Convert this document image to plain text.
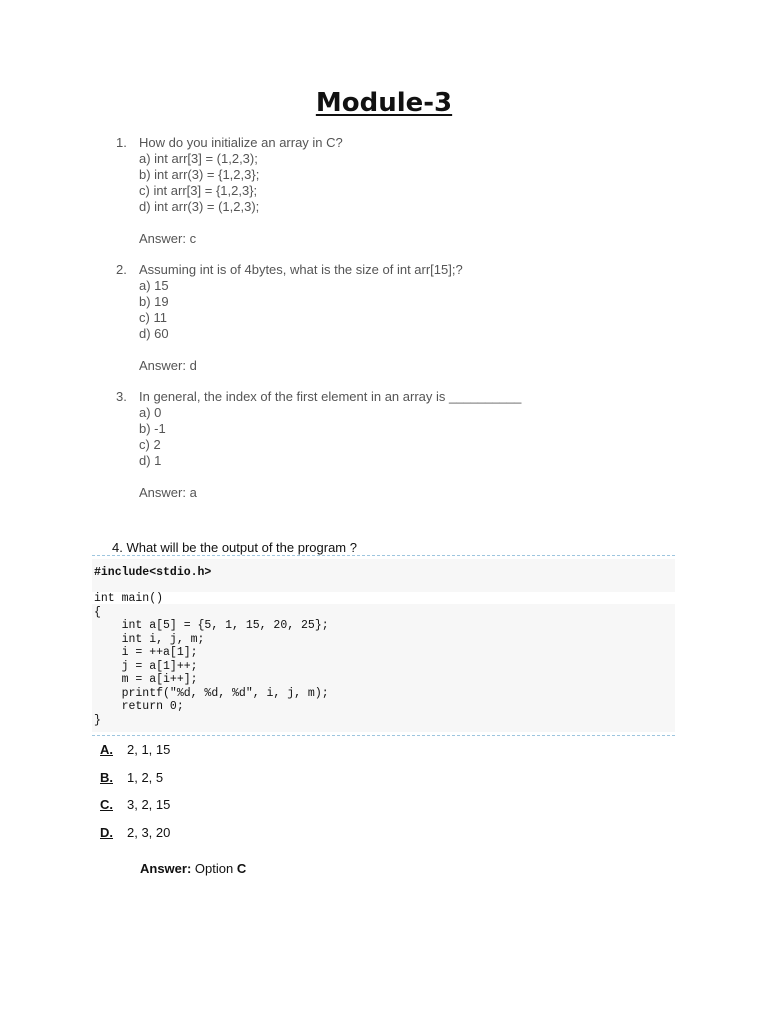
Module-3
1. How do you initialize an array in C?
a) int arr[3] = (1,2,3);
b) int arr(3) = {1,2,3};
c) int arr[3] = {1,2,3};
d) int arr(3) = (1,2,3);
Answer: c
2. Assuming int is of 4bytes, what is the size of int arr[15];?
a) 15
b) 19
c) 11
d) 60
Answer: d
3. In general, the index of the first element in an array is __________
a) 0
b) -1
c) 2
d) 1
Answer: a
4. What will be the output of the program ?
#include<stdio.h>
int main()
{
int a[5] = {5, 1, 15, 20, 25};
int i, j, m;
i = ++a[1];
j = a[1]++;
m = a[i++];
printf("%d, %d, %d", i, j, m);
return 0;
}
A. 2, 1, 15
B. 1, 2, 5
C. 3, 2, 15
D. 2, 3, 20
Answer: Option C
